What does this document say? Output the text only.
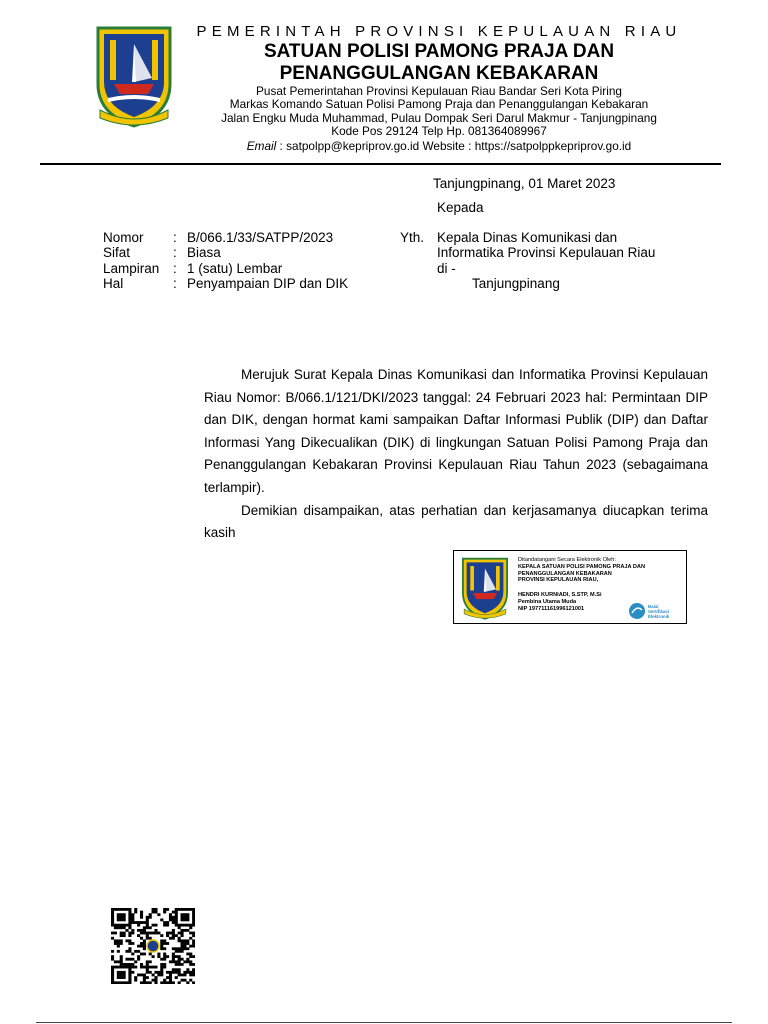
PEMERINTAH PROVINSI KEPULAUAN RIAU
SATUAN POLISI PAMONG PRAJA DAN
PENANGGULANGAN KEBAKARAN
Pusat Pemerintahan Provinsi Kepulauan Riau Bandar Seri Kota Piring
Markas Komando Satuan Polisi Pamong Praja dan Penanggulangan Kebakaran
Jalan Engku Muda Muhammad, Pulau Dompak Seri Darul Makmur - Tanjungpinang
Kode Pos 29124 Telp Hp. 081364089967
Email : satpolpp@kepriprov.go.id Website : https://satpolppkepriprov.go.id
Tanjungpinang, 01 Maret 2023
Kepada
Nomor	:	B/066.1/33/SATPP/2023
Sifat	:	Biasa
Lampiran	:	1 (satu) Lembar
Hal	:	Penyampaian DIP dan DIK
Yth. Kepala Dinas Komunikasi dan
Informatika Provinsi Kepulauan Riau
di -
Tanjungpinang

Merujuk Surat Kepala Dinas Komunikasi dan Informatika Provinsi Kepulauan Riau Nomor: B/066.1/121/DKI/2023 tanggal: 24 Februari 2023 hal: Permintaan DIP dan DIK, dengan hormat kami sampaikan Daftar Informasi Publik (DIP) dan Daftar Informasi Yang Dikecualikan (DIK) di lingkungan Satuan Polisi Pamong Praja dan Penanggulangan Kebakaran Provinsi Kepulauan Riau Tahun 2023 (sebagaimana terlampir).

Demikian disampaikan, atas perhatian dan kerjasamanya diucapkan terima kasih

Ditandatangani Secara Elektronik Oleh:
KEPALA SATUAN POLISI PAMONG PRAJA DAN
PENANGGULANGAN KEBAKARAN
PROVINSI KEPULAUAN RIAU,
HENDRI KURNIADI, S.STP, M.Si
Pembina Utama Muda
NIP 197711161996121001	Balai
Sertifikasi
Elektronik
